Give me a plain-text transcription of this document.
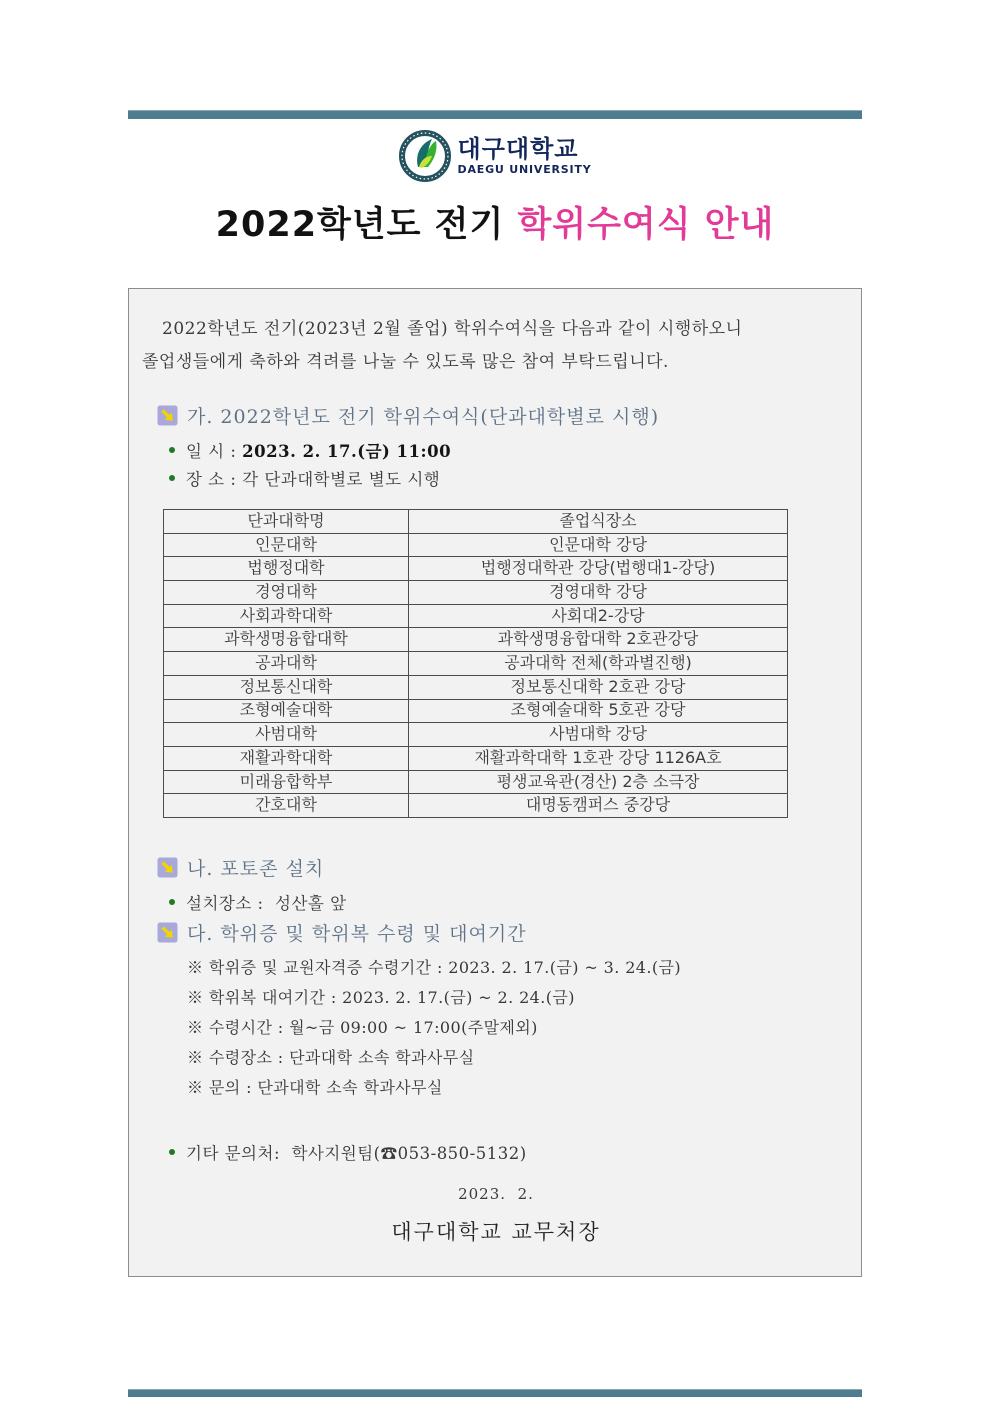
대구대학교
DAEGU UNIVERSITY
2022학년도 전기 학위수여식 안내
2022학년도 전기(2023년 2월 졸업) 학위수여식을 다음과 같이 시행하오니
졸업생들에게 축하와 격려를 나눌 수 있도록 많은 참여 부탁드립니다.
가. 2022학년도 전기 학위수여식(단과대학별로 시행)
일 시 : 2023. 2. 17.(금) 11:00
장 소 : 각 단과대학별로 별도 시행
단과대학명	졸업식장소
인문대학	인문대학 강당
법행정대학	법행정대학관 강당(법행대1-강당)
경영대학	경영대학 강당
사회과학대학	사회대2-강당
과학생명융합대학	과학생명융합대학 2호관강당
공과대학	공과대학 전체(학과별진행)
정보통신대학	정보통신대학 2호관 강당
조형예술대학	조형예술대학 5호관 강당
사범대학	사범대학 강당
재활과학대학	재활과학대학 1호관 강당 1126A호
미래융합학부	평생교육관(경산) 2층 소극장
간호대학	대명동캠퍼스 중강당
나. 포토존 설치
설치장소 :  성산홀 앞
다. 학위증 및 학위복 수령 및 대여기간
※ 학위증 및 교원자격증 수령기간 : 2023. 2. 17.(금) ~ 3. 24.(금)
※ 학위복 대여기간 : 2023. 2. 17.(금) ~ 2. 24.(금)
※ 수령시간 : 월~금 09:00 ~ 17:00(주말제외)
※ 수령장소 : 단과대학 소속 학과사무실
※ 문의 : 단과대학 소속 학과사무실
기타 문의처:  학사지원팀(☎053-850-5132)
2023.  2.
대구대학교 교무처장
